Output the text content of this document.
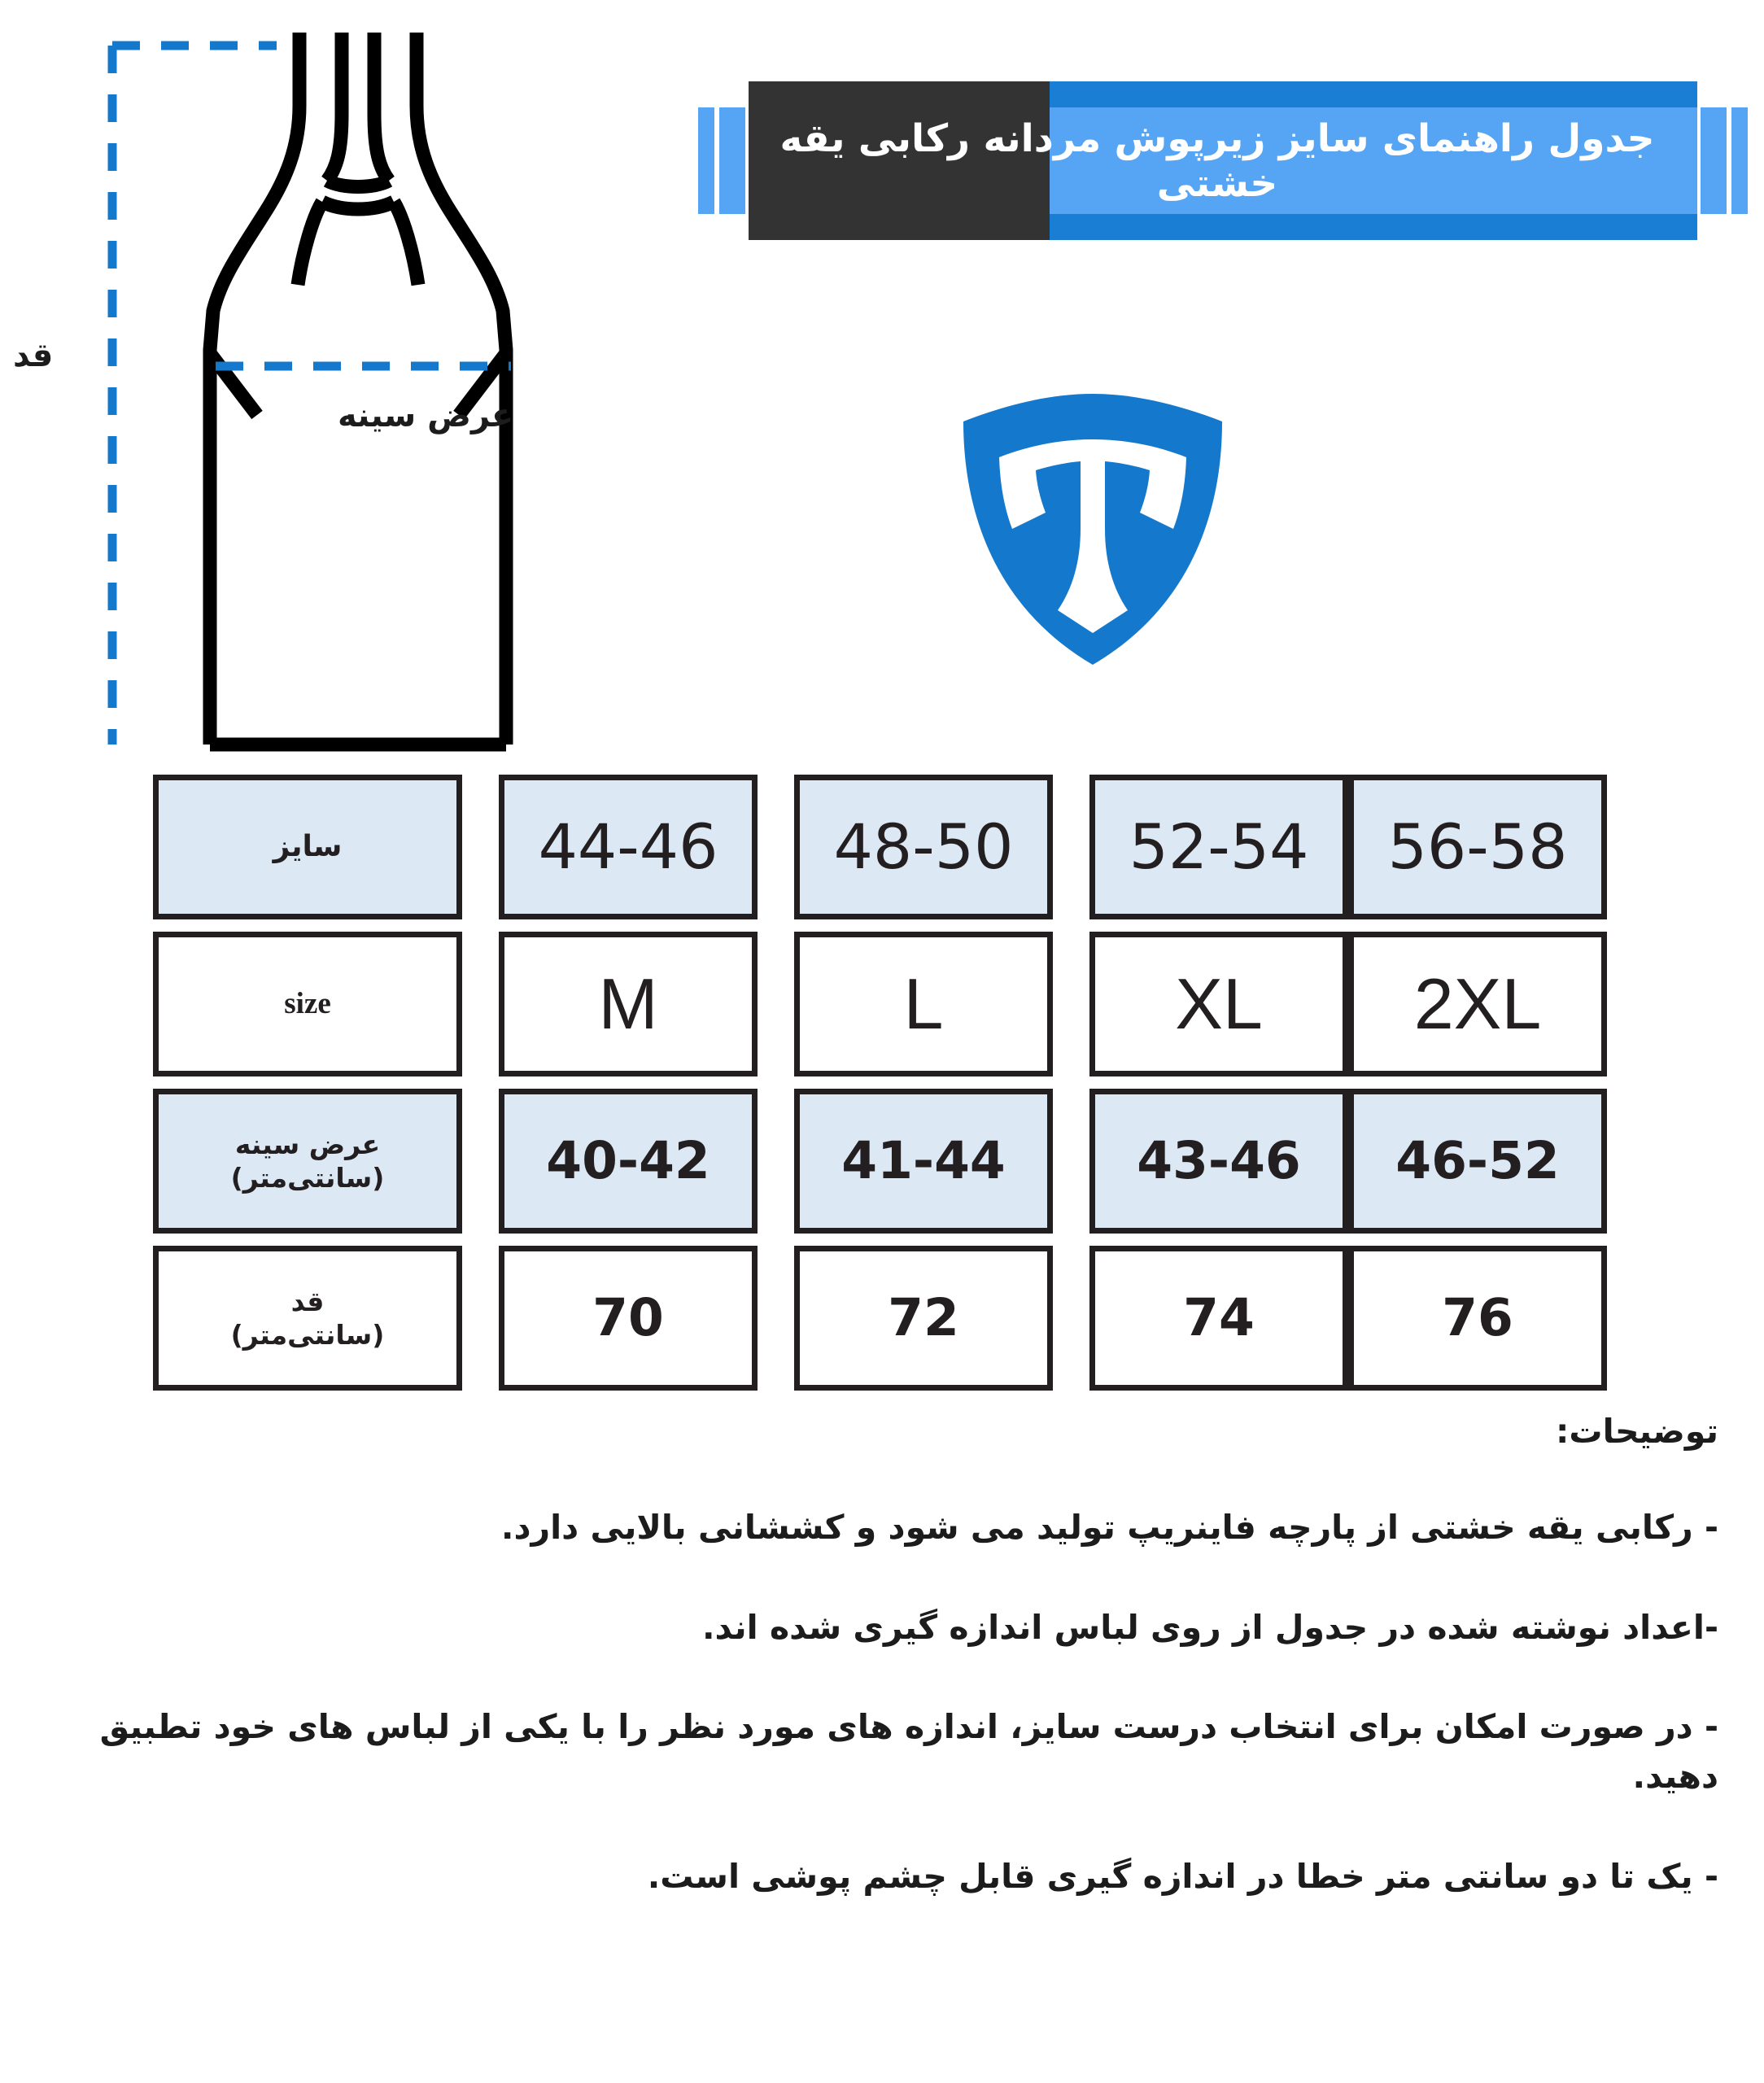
قد
عرض سینه
جدول راهنمای سایز زیرپوش مردانه رکابی یقه خشتی
سایز	44-46 48-50 52-54 56-58
size	M	L	XL 2XL
عرض سینه
(سانتی‌متر)	40-42	41-44	43-46 46-52
قد
(سانتی‌متر)	70	72	74	76

توضیحات:

- رکابی یقه خشتی از پارچه فاینریپ تولید می شود و کششانی بالایی دارد.

-اعداد نوشته شده در جدول از روی لباس اندازه گیری شده اند.

- در صورت امکان برای انتخاب درست سایز، اندازه های مورد نظر را با یکی از لباس های خود تطبیق دهید.

- یک تا دو سانتی متر خطا در اندازه گیری قابل چشم پوشی است.
